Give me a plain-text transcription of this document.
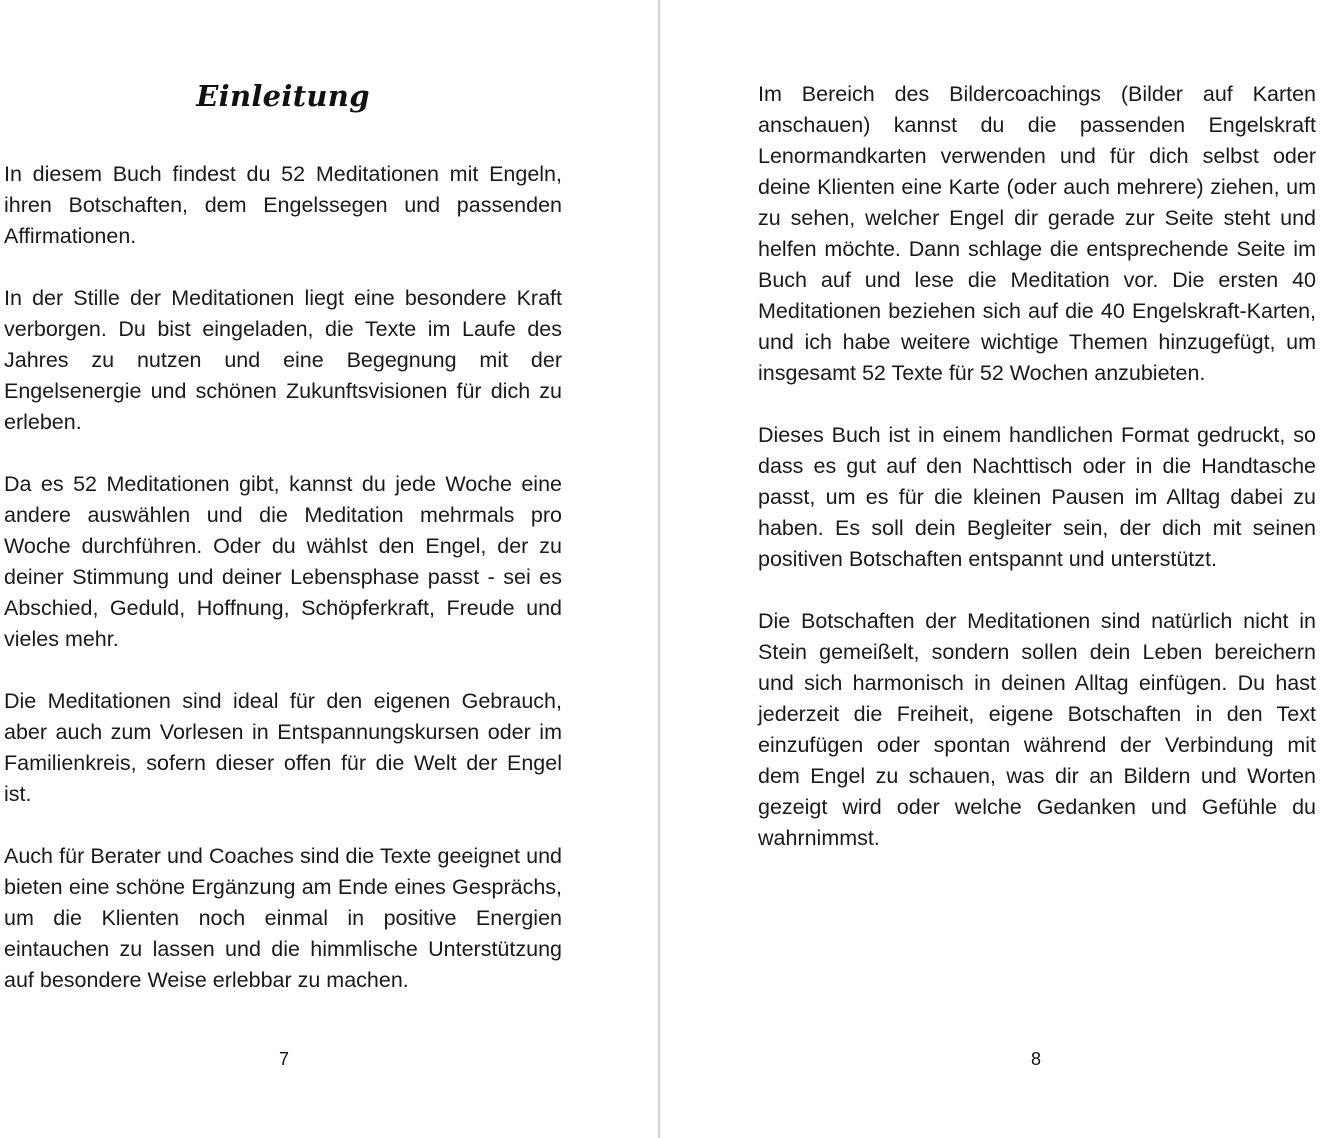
Einleitung

In diesem Buch findest du 52 Meditationen mit Engeln, ihren Botschaften, dem Engelssegen und passenden Affirmationen.

In der Stille der Meditationen liegt eine besondere Kraft verborgen. Du bist eingeladen, die Texte im Laufe des Jahres zu nutzen und eine Begegnung mit der Engelsenergie und schönen Zukunftsvisionen für dich zu erleben.

Da es 52 Meditationen gibt, kannst du jede Woche eine andere auswählen und die Meditation mehrmals pro Woche durchführen. Oder du wählst den Engel, der zu deiner Stimmung und deiner Lebensphase passt - sei es Abschied, Geduld, Hoffnung, Schöpferkraft, Freude und vieles mehr.

Die Meditationen sind ideal für den eigenen Gebrauch, aber auch zum Vorlesen in Entspannungskursen oder im Familienkreis, sofern dieser offen für die Welt der Engel ist.

Auch für Berater und Coaches sind die Texte geeignet und bieten eine schöne Ergänzung am Ende eines Gesprächs, um die Klienten noch einmal in positive Energien eintauchen zu lassen und die himmlische Unterstützung auf besondere Weise erlebbar zu machen.

7

Im Bereich des Bildercoachings (Bilder auf Karten anschauen) kannst du die passenden Engelskraft Lenormandkarten verwenden und für dich selbst oder deine Klienten eine Karte (oder auch mehrere) ziehen, um zu sehen, welcher Engel dir gerade zur Seite steht und helfen möchte. Dann schlage die entsprechende Seite im Buch auf und lese die Meditation vor. Die ersten 40 Meditationen beziehen sich auf die 40 Engelskraft-Karten, und ich habe weitere wichtige Themen hinzugefügt, um insgesamt 52 Texte für 52 Wochen anzubieten.

Dieses Buch ist in einem handlichen Format gedruckt, so dass es gut auf den Nachttisch oder in die Handtasche passt, um es für die kleinen Pausen im Alltag dabei zu haben. Es soll dein Begleiter sein, der dich mit seinen positiven Botschaften entspannt und unterstützt.

Die Botschaften der Meditationen sind natürlich nicht in Stein gemeißelt, sondern sollen dein Leben bereichern und sich harmonisch in deinen Alltag einfügen. Du hast jederzeit die Freiheit, eigene Botschaften in den Text einzufügen oder spontan während der Verbindung mit dem Engel zu schauen, was dir an Bildern und Worten gezeigt wird oder welche Gedanken und Gefühle du wahrnimmst.

8
